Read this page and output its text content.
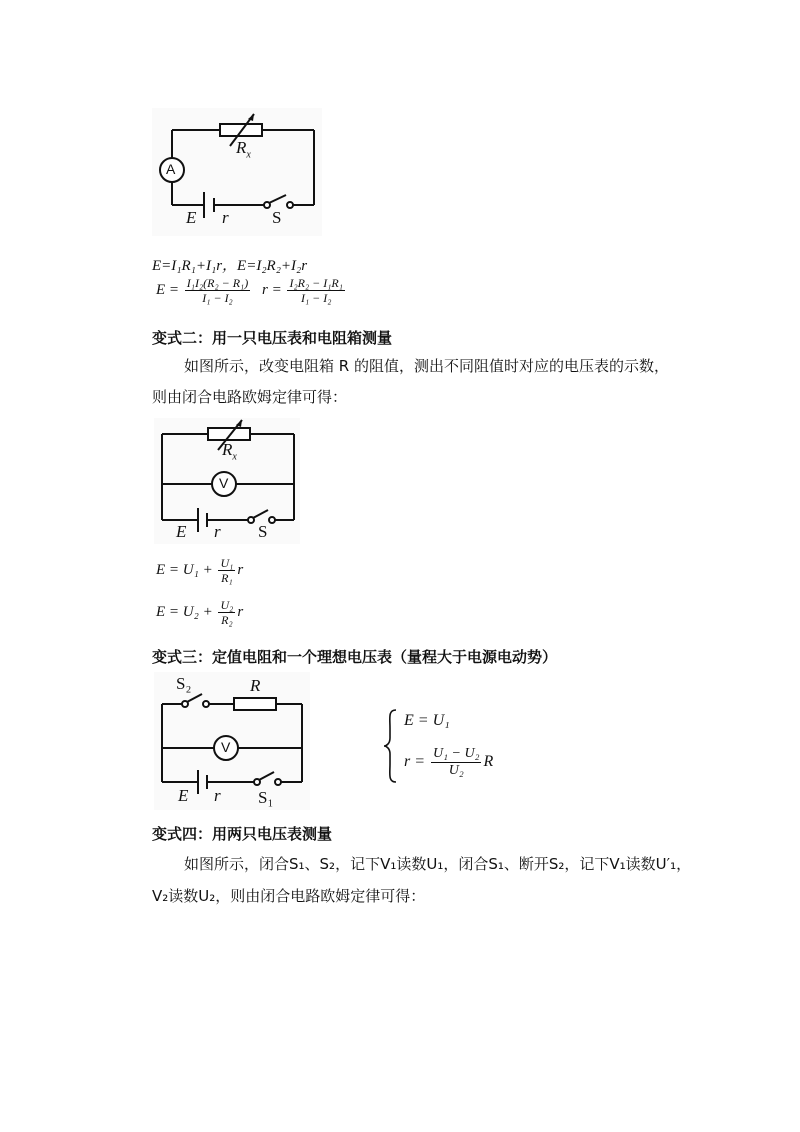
$R_x$
A
E r	S
E=I₁R₁+I₁r，E=I₂R₂+I₂r
$E = \frac{\text{I₁I₂(R₂ − R₁)}}{\text{I₁ − I₂}}$ $r = \frac{\text{I₂R₂ − I₁R₁}}{\text{I₁ − I₂}}$
变式二：用一只电压表和电阻箱测量
如图所示，改变电阻箱 R 的阻值，测出不同阻值时对应的电压表的示数，
则由闭合电路欧姆定律可得：
$R_x$
V
E r S
$E = U_1 + \frac{\text{U₁}}{\text{R₁}}$ r
$E = U_2 + \frac{\text{U₂}}{\text{R₂}}$ r
变式三：定值电阻和一个理想电压表（量程大于电源电动势）
S₂	R
V
E r S₁
E = U₁
$r = \frac{\text{U₁ − U₂}}{\text{U₂}}$ R
变式四：用两只电压表测量
如图所示，闭合S₁、S₂，记下V₁读数U₁，闭合S₁、断开S₂，记下V₁读数U′₁，
V₂读数U₂，则由闭合电路欧姆定律可得：
